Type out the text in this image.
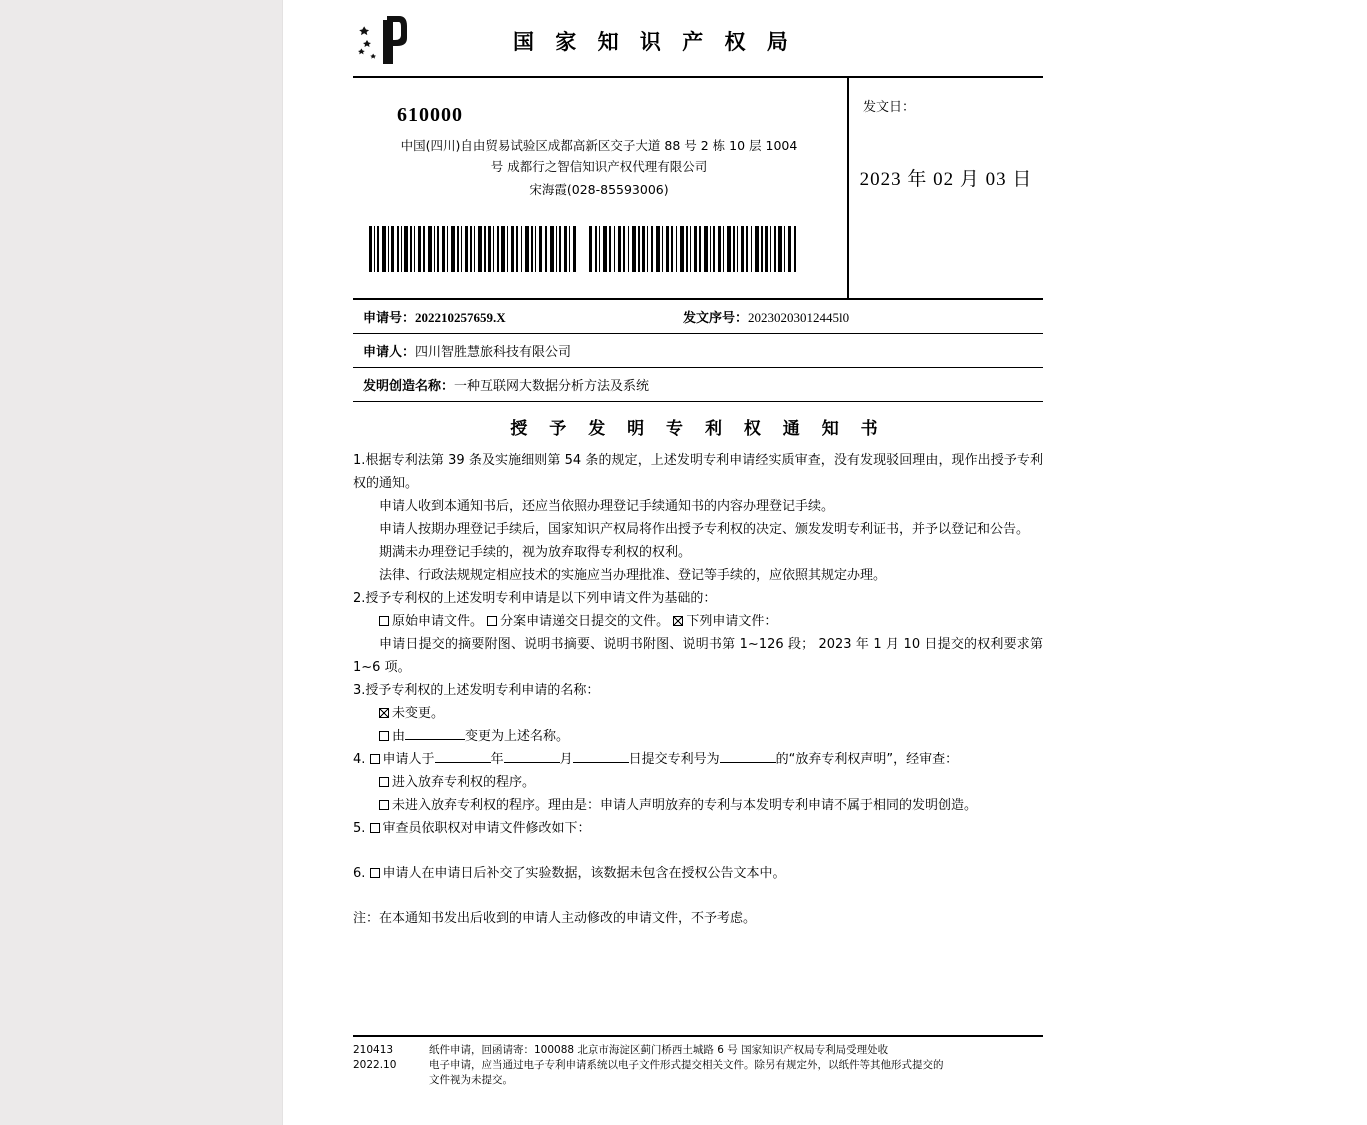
国 家 知 识 产 权 局
610000
中国(四川)自由贸易试验区成都高新区交子大道 88 号 2 栋 10 层 1004
号 成都行之智信知识产权代理有限公司
宋海霞(028-85593006)
发文日：
2023 年 02 月 03 日
申请号：202210257659.X	发文序号：20230203012445l0
申请人：四川智胜慧旅科技有限公司
发明创造名称：一种互联网大数据分析方法及系统
授 予 发 明 专 利 权 通 知 书
1.根据专利法第 39 条及实施细则第 54 条的规定，上述发明专利申请经实质审查，没有发现驳回理由，现作出授予专利权的通知。
申请人收到本通知书后，还应当依照办理登记手续通知书的内容办理登记手续。
申请人按期办理登记手续后，国家知识产权局将作出授予专利权的决定、颁发发明专利证书，并予以登记和公告。
期满未办理登记手续的，视为放弃取得专利权的权利。
法律、行政法规规定相应技术的实施应当办理批准、登记等手续的，应依照其规定办理。
2.授予专利权的上述发明专利申请是以下列申请文件为基础的：
原始申请文件。 分案申请递交日提交的文件。 下列申请文件：
申请日提交的摘要附图、说明书摘要、说明书附图、说明书第 1~126 段； 2023 年 1 月 10 日提交的权利要求第 1~6 项。
3.授予专利权的上述发明专利申请的名称：
未变更。
由	变更为上述名称。
4. 申请人于	年	月	日提交专利号为	的“放弃专利权声明”，经审查：
进入放弃专利权的程序。
未进入放弃专利权的程序。理由是：申请人声明放弃的专利与本发明专利申请不属于相同的发明创造。
5. 审查员依职权对申请文件修改如下：
6. 申请人在申请日后补交了实验数据，该数据未包含在授权公告文本中。
注：在本通知书发出后收到的申请人主动修改的申请文件，不予考虑。
210413
2022.10
纸件申请，回函请寄：100088 北京市海淀区蓟门桥西土城路 6 号 国家知识产权局专利局受理处收
电子申请，应当通过电子专利申请系统以电子文件形式提交相关文件。除另有规定外，以纸件等其他形式提交的
文件视为未提交。
